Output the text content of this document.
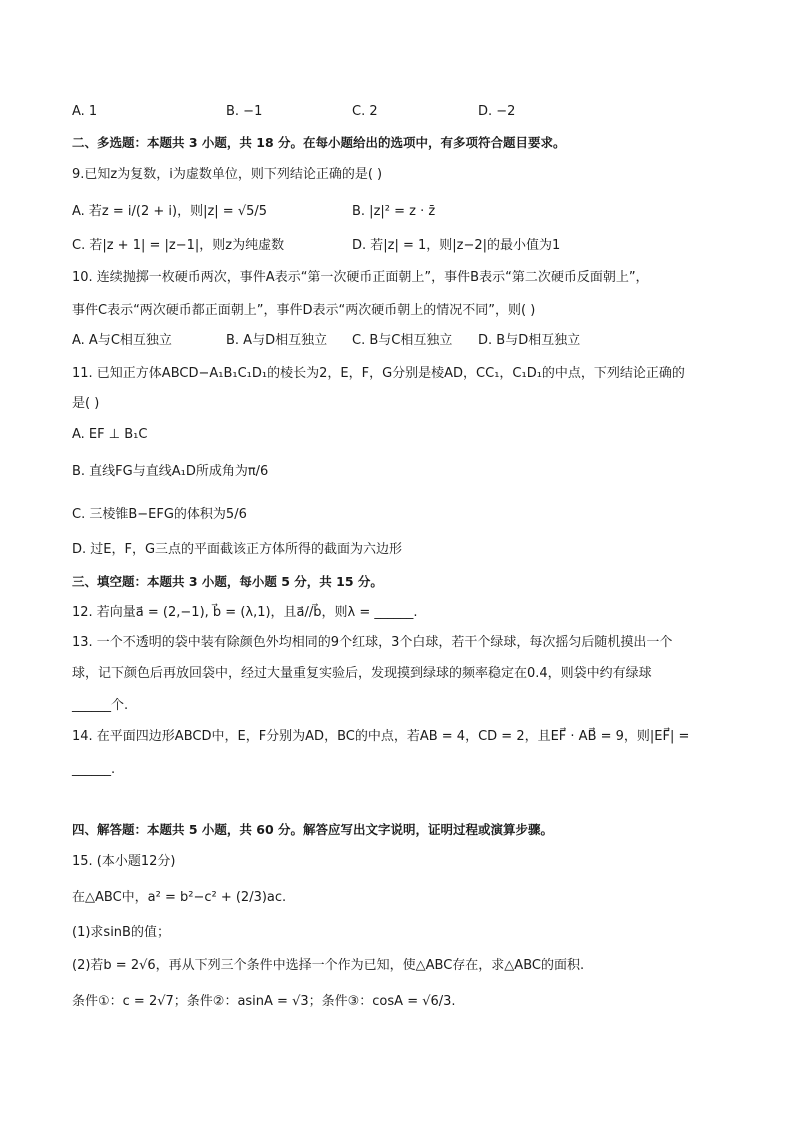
A. 1	B. −1	C. 2	D. −2
二、多选题：本题共 3 小题，共 18 分。在每小题给出的选项中，有多项符合题目要求。
9.已知z为复数，i为虚数单位，则下列结论正确的是( )
A. 若z = i/(2 + i)，则|z| = √5/5	B. |z|² = z · z̄
C. 若|z + 1| = |z−1|，则z为纯虚数	D. 若|z| = 1，则|z−2|的最小值为1
10. 连续抛掷一枚硬币两次，事件A表示“第一次硬币正面朝上”，事件B表示“第二次硬币反面朝上”，
事件C表示“两次硬币都正面朝上”，事件D表示“两次硬币朝上的情况不同”，则( )
A. A与C相互独立	B. A与D相互独立 C. B与C相互独立 D. B与D相互独立
11. 已知正方体ABCD−A₁B₁C₁D₁的棱长为2，E，F，G分别是棱AD，CC₁，C₁D₁的中点，下列结论正确的
是( )
A. EF ⊥ B₁C
B. 直线FG与直线A₁D所成角为π/6
C. 三棱锥B−EFG的体积为5/6
D. 过E，F，G三点的平面截该正方体所得的截面为六边形
三、填空题：本题共 3 小题，每小题 5 分，共 15 分。
12. 若向量a⃗ = (2,−1), b⃗ = (λ,1)，且a⃗//b⃗，则λ = ______.
13. 一个不透明的袋中装有除颜色外均相同的9个红球，3个白球，若干个绿球，每次摇匀后随机摸出一个
球，记下颜色后再放回袋中，经过大量重复实验后，发现摸到绿球的频率稳定在0.4，则袋中约有绿球
______个.
14. 在平面四边形ABCD中，E，F分别为AD，BC的中点，若AB = 4，CD = 2，且EF⃗ · AB⃗ = 9，则|EF⃗| =
______.
四、解答题：本题共 5 小题，共 60 分。解答应写出文字说明，证明过程或演算步骤。
15. (本小题12分)
在△ABC中，a² = b²−c² + (2/3)ac.
(1)求sinB的值；
(2)若b = 2√6，再从下列三个条件中选择一个作为已知，使△ABC存在，求△ABC的面积.
条件①：c = 2√7；条件②：asinA = √3；条件③：cosA = √6/3.
